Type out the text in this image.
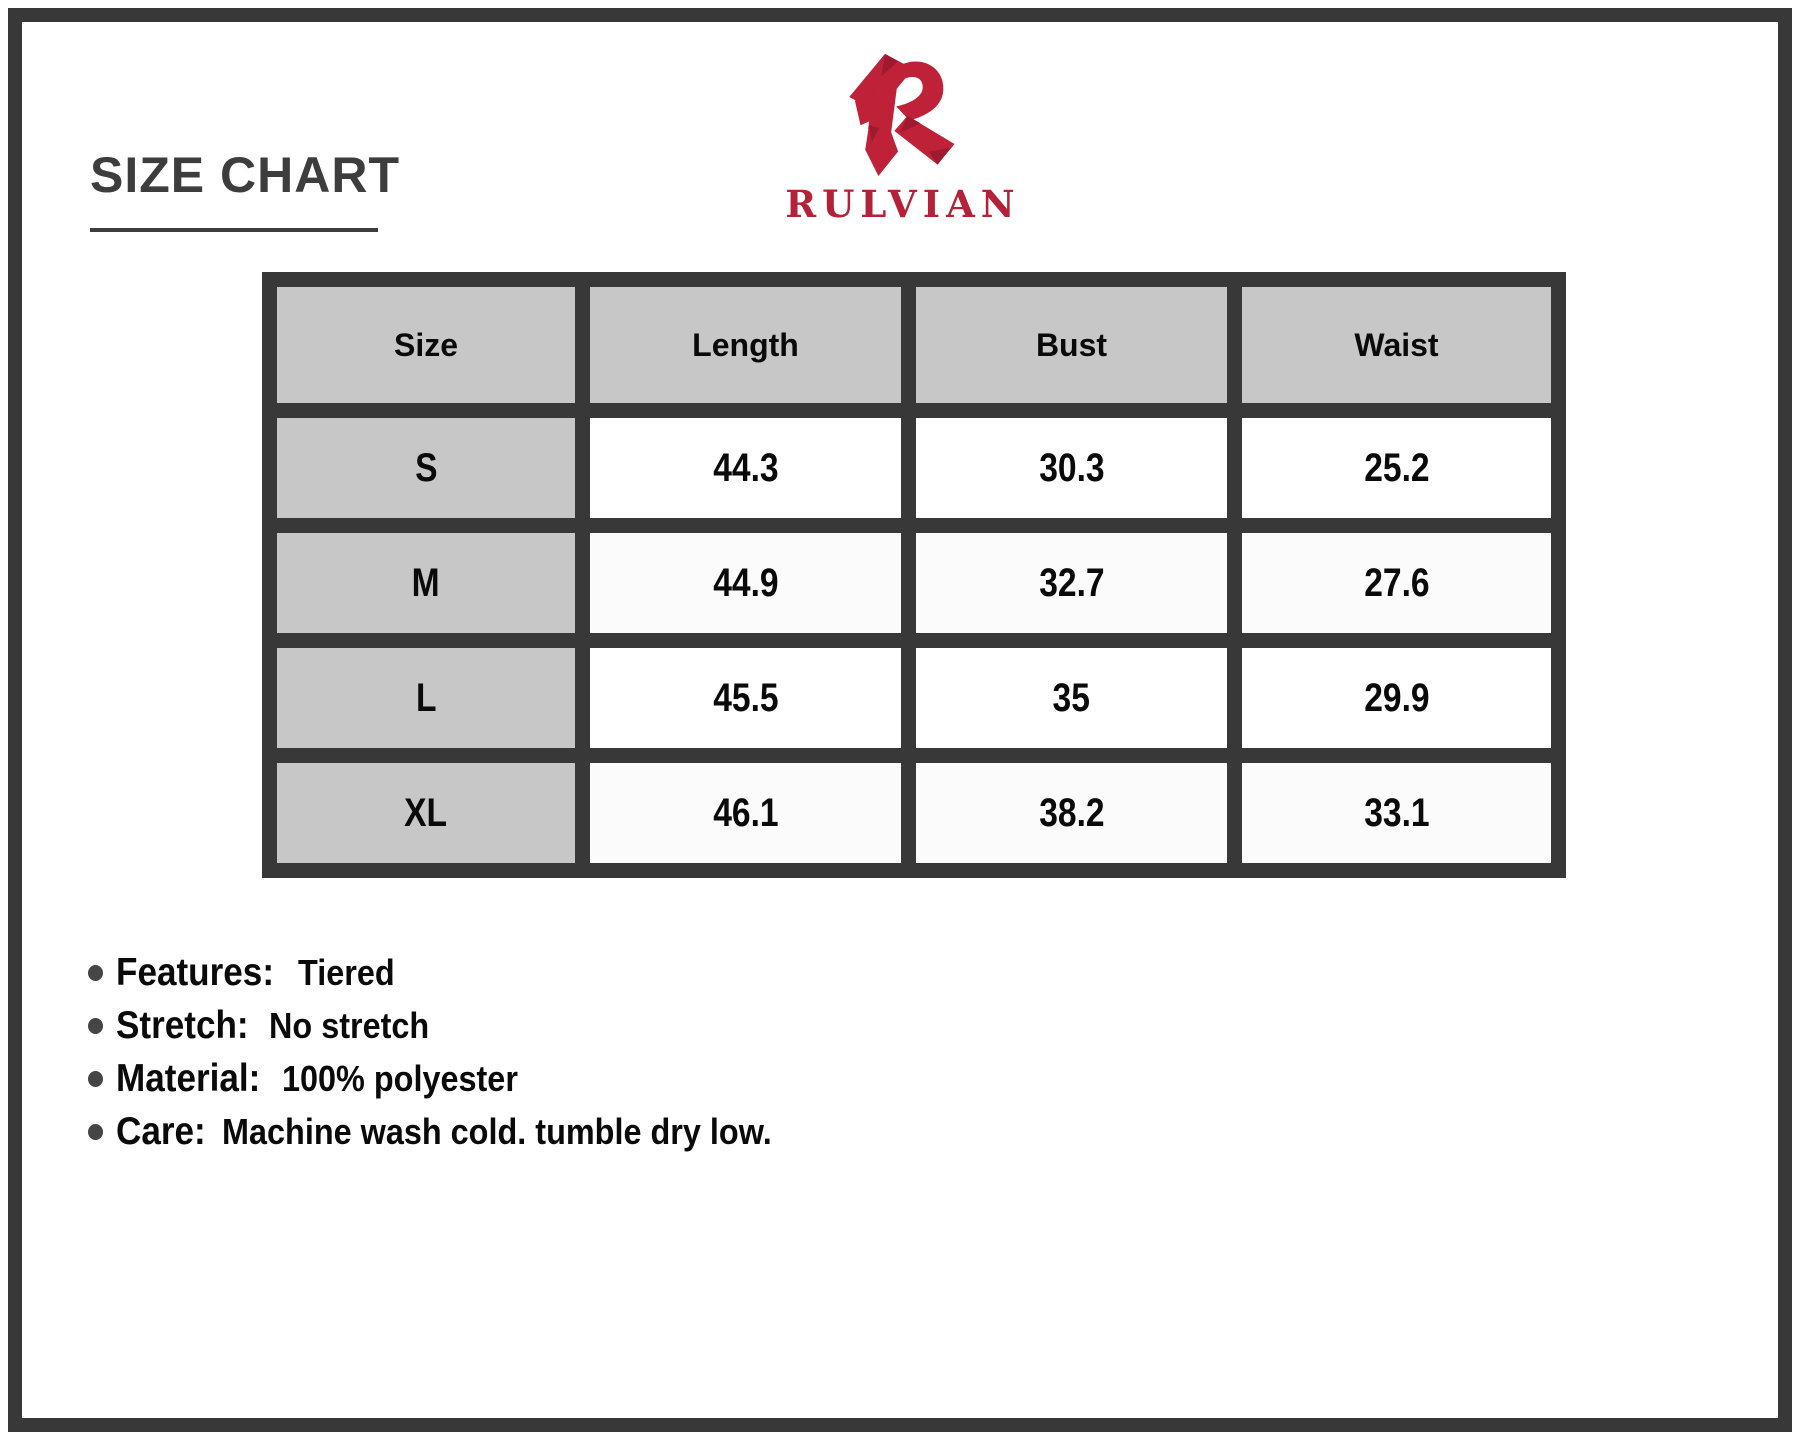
SIZE CHART
RULVIAN
Size	Length	Bust	Waist
S	44.3	30.3	25.2
M	44.9	32.7	27.6
L	45.5	35	29.9
XL	46.1	38.2	33.1
Features: Tiered
Stretch: No stretch
Material: 100% polyester
Care: Machine wash cold. tumble dry low.
